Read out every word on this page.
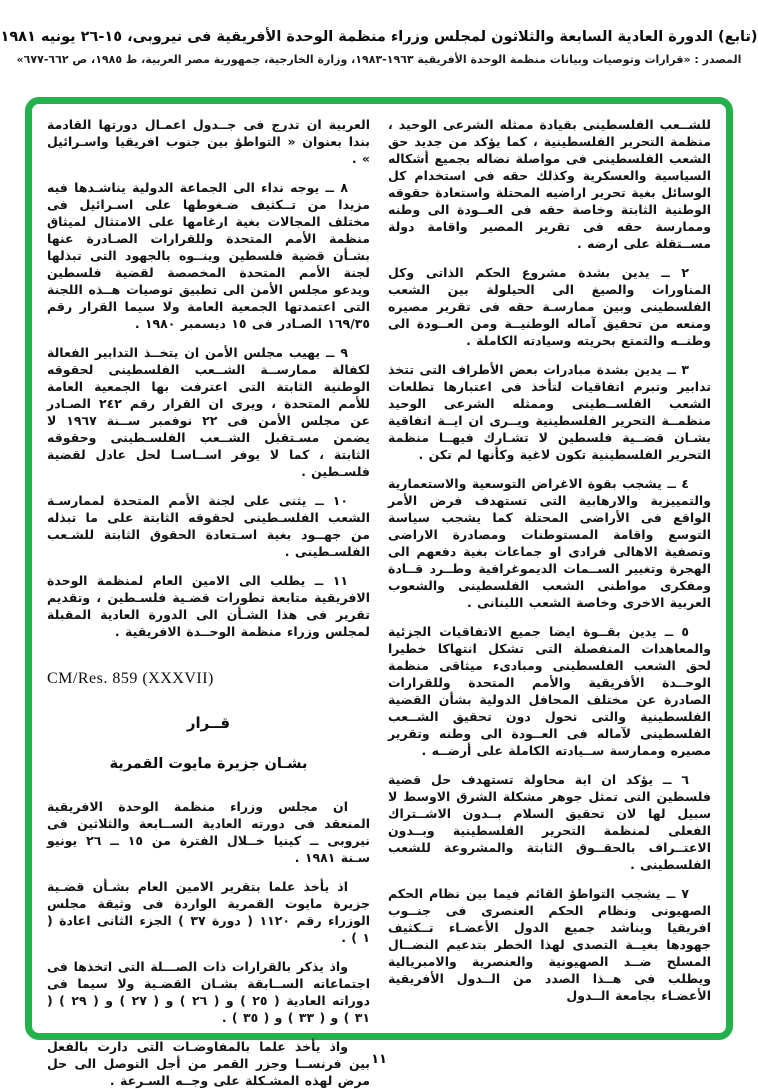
(تابع) الدورة العادية السابعة والثلاثون لمجلس وزراء منظمة الوحدة الأفريقية فى نيروبى، ١٥-٢٦ يونيه ١٩٨١
المصدر : «قرارات وتوصيات وبيانات منظمة الوحدة الأفريقية ١٩٦٣-١٩٨٣، وزارة الخارجية، جمهورية مصر العربية، ط ١٩٨٥، ص ٦٦٢-٦٧٧»

للشــعب الفلسطينى بقيادة ممثله الشرعى الوحيد ، منظمة التحرير الفلسطينية ، كما يؤكد من جديد حق الشعب الفلسطينى فى مواصلة نضاله بجميع أشكاله السياسية والعسكرية وكذلك حقه فى استخدام كل الوسائل بغية تحرير اراضيه المحتلة واستعادة حقوقه الوطنية الثابتة وخاصة حقه فى العــودة الى وطنه وممارسة حقه فى تقرير المصير واقامة دولة مســتقلة على ارضه .

٢ ــ يدين بشدة مشروع الحكم الذاتى وكل المناورات والصيغ الى الحيلولة بين الشعب الفلسطينى وبين ممارسـة حقه فى تقرير مصيره ومنعه من تحقيق آماله الوطنيــة ومن العــودة الى وطنــه والتمتع بحريته وسيادته الكاملة .

٣ ــ يدين بشدة مبادرات بعض الأطراف التى تتخذ تدابير وتبرم اتفاقيات لتأخذ فى اعتبارها تطلعات الشعب الفلســطينى وممثله الشرعى الوحيد منظمــة التحرير الفلسطينية ويــرى ان ايــة اتفاقية بشـان قضــية فلسطين لا تشـارك فيهــا منظمة التحرير الفلسطينية تكون لاغية وكأنها لم تكن .

٤ ــ يشجب بقوة الاغراض التوسعية والاستعمارية والتمييزية والارهابية التى تستهدف فرض الأمر الواقع فى الأراضى المحتلة كما يشجب سياسة التوسع واقامة المستوطنات ومصادرة الاراضى وتصفية الاهالى فرادى او جماعات بغية دفعهم الى الهجرة وتغيير الســمات الديموغرافية وطــرد قــادة ومفكرى مواطنى الشعب الفلسطينى والشعوب العربية الاخرى وخاصة الشعب اللبنانى .

٥ ــ يدين بقــوة ايضا جميع الاتفاقيات الجزئية والمعاهدات المنفصلة التى تشكل انتهاكا خطيرا لحق الشعب الفلسطينى ومبادىء ميثاقى منظمة الوحــدة الأفريقية والأمم المتحدة وللقرارات الصادرة عن مختلف المحافل الدولية بشأن القضية الفلسطينية والتى تحول دون تحقيق الشــعب الفلسطينى لآماله فى العــودة الى وطنه وتقرير مصيره وممارسة ســيادته الكاملة على أرضــه .

٦ ــ يؤكد ان اية محاولة تستهدف حل قضية فلسطين التى تمثل جوهر مشكلة الشرق الاوسط لا سبيل لها لان تحقيق السلام بــدون الاشــتراك الفعلى لمنظمة التحرير الفلسطينية وبــدون الاعتــراف بالحقــوق الثابتة والمشروعة للشعب الفلسطينى .

٧ ــ يشجب التواطؤ القائم فيما بين نظام الحكم الصهيونى ونظام الحكم العنصرى فى جنــوب افريقيا ويناشد جميع الدول الأعضـاء تــكثيف جهودها بغيــة التصدى لهذا الخطر بتدعيم النضــال المسلح ضــد الصهيونية والعنصرية والامبريالية ويطلب فى هــذا الصدد من الــدول الأفريقية الأعضـاء بجامعة الــدول

العربية ان تدرج فى جــدول اعمـال دورتها القادمة بندا بعنوان « التواطؤ بين جنوب افريقيا واسـرائيل » .

٨ ــ يوجه نداء الى الجماعة الدولية يناشـدها فيه مزيدا من تــكثيف ضـغوطها على اسـرائيل فى مختلف المجالات بغية ارغامها على الامتثال لميثاق منظمة الأمم المتحدة وللقرارات الصـادرة عنها بشـأن قضية فلسطين وينــوه بالجهود التى تبذلها لجنة الأمم المتحدة المخصصة لقضية فلسطين ويدعو مجلس الأمن الى تطبيق توصيات هــذه اللجنة التى اعتمدتها الجمعية العامة ولا سيما القرار رقم ١٦٩/٣٥ الصـادر فى ١٥ ديسمبر ١٩٨٠ .

٩ ــ يهيب مجلس الأمن ان يتخــذ التدابير الفعالة لكفالة ممارســة الشــعب الفلسطينى لحقوقه الوطنية الثابتة التى اعترفت بها الجمعية العامة للأمم المتحدة ، ويرى ان القرار رقم ٢٤٢ الصـادر عن مجلس الأمن فى ٢٢ نوفمبر ســنة ١٩٦٧ لا يضمن مسـتقبل الشــعب الفلسـطينى وحقوقه الثابتة ، كما لا يوفر اســاسـا لحل عادل لقضية فلسـطين .

١٠ ــ يثنى على لجنة الأمم المتحدة لممارسـة الشعب الفلسـطينى لحقوقه الثابتة على ما تبذله من جهــود بغية اسـتعادة الحقوق الثابتة للشـعب الفلسـطينى .

١١ ــ يطلب الى الامين العام لمنظمة الوحدة الافريقية متابعة تطورات قضـية فلسـطين ، وتقديم تقرير فى هذا الشـأن الى الدورة العادية المقبلة لمجلس وزراء منظمة الوحــدة الافريقية .

CM/Res. 859 (XXXVII)
قــرار
بشـان جزيرة مايوت القمرية

ان مجلس وزراء منظمة الوحدة الافريقية المنعقد فى دورته العادية الســابعة والثلاثين فى نيروبى ــ كينيا خــلال الفترة من ١٥ ــ ٢٦ يونيو سـنة ١٩٨١ .

اذ يأخذ علما بتقرير الامين العام بشـأن قضـية جزيرة مايوت القمرية الواردة فى وثيقة مجلس الوزراء رقم ١١٢٠ ( دورة ٣٧ ) الجزء الثانى اعادة ( ١ ) .

واذ يذكر بالقرارات ذات الصـــلة التى اتخذها فى اجتماعاته الســابقة بشـان القضـية ولا سيما فى دوراته العادية ( ٢٥ ) و ( ٢٦ ) و ( ٢٧ ) و ( ٢٩ ) ( ٣١ ) و ( ٣٣ ) و ( ٣٥ ) .

واذ يأخذ علما بالمفاوضـات التى دارت بالفعل بين فرنســا وجزر القمر من أجل التوصل الى حل مرض لهذه المشـكلة على وجــه السـرعة .

١١
